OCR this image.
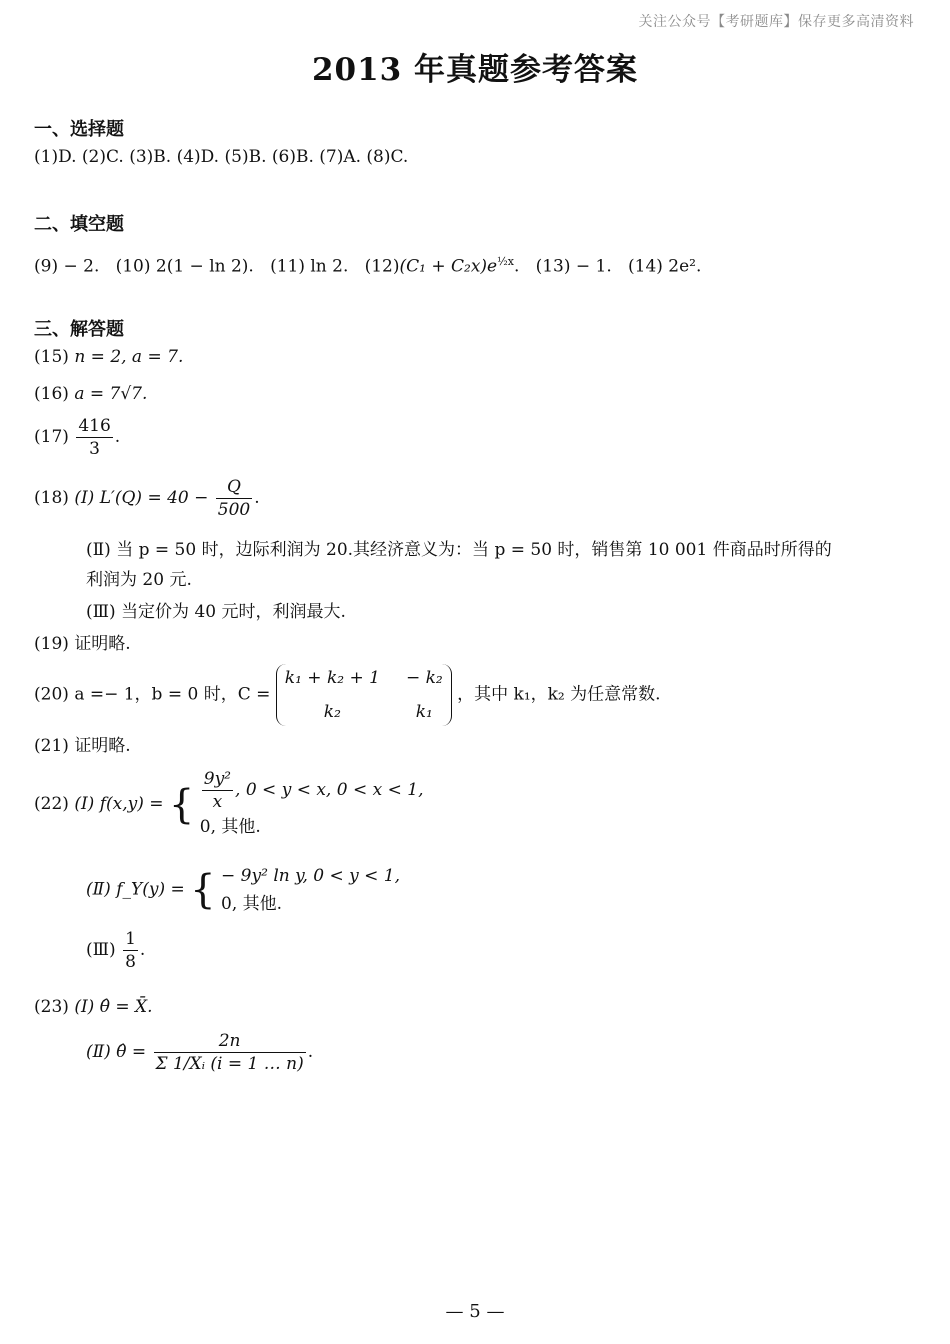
关注公众号【考研题库】保存更多高清资料
2013 年真题参考答案
一、选择题
(1)D. (2)C. (3)B. (4)D. (5)B. (6)B. (7)A. (8)C.
二、填空题
(9) − 2. (10) 2(1 − ln 2). (11) ln 2. $(12)(C_1 + C_2x)e^{\frac{1}{2}x}$.   (13) − 1. (14) 2e².
三、解答题
(15) n = 2, a = 7.
(16) a = 7√7.
$(17) \frac{416}{3}$ .
(18) (Ⅰ) $L'(Q) = 40 - \frac{Q}{500}$ .
(Ⅱ) 当 p = 50 时，边际利润为 20.其经济意义为：当 p = 50 时，销售第 10 001 件商品时所得的
利润为 20 元.
(Ⅲ) 当定价为 40 元时，利润最大.
(19) 证明略.
(20) a =− 1，b = 0 时，C =
k₁ + k₂ + 1 − k₂
k₂	k₁
，其中 k₁，k₂ 为任意常数.
(21) 证明略.
(22) (Ⅰ) f(x,y) = { $\frac{\text{9y²}}{x}$ , 0 < y < x, 0 < x < 1,
0, 其他.
(Ⅱ) f_Y(y) = { − 9y² ln y, 0 < y < 1,
0, 其他.
(Ⅲ) $\frac{1}{8}$ .
(23) (Ⅰ) θ̂ = X̄.
(Ⅱ) θ̂ = $\frac{2n}{\text{Σ 1/Xᵢ (i = 1 … n)}}$ .
— 5 —
